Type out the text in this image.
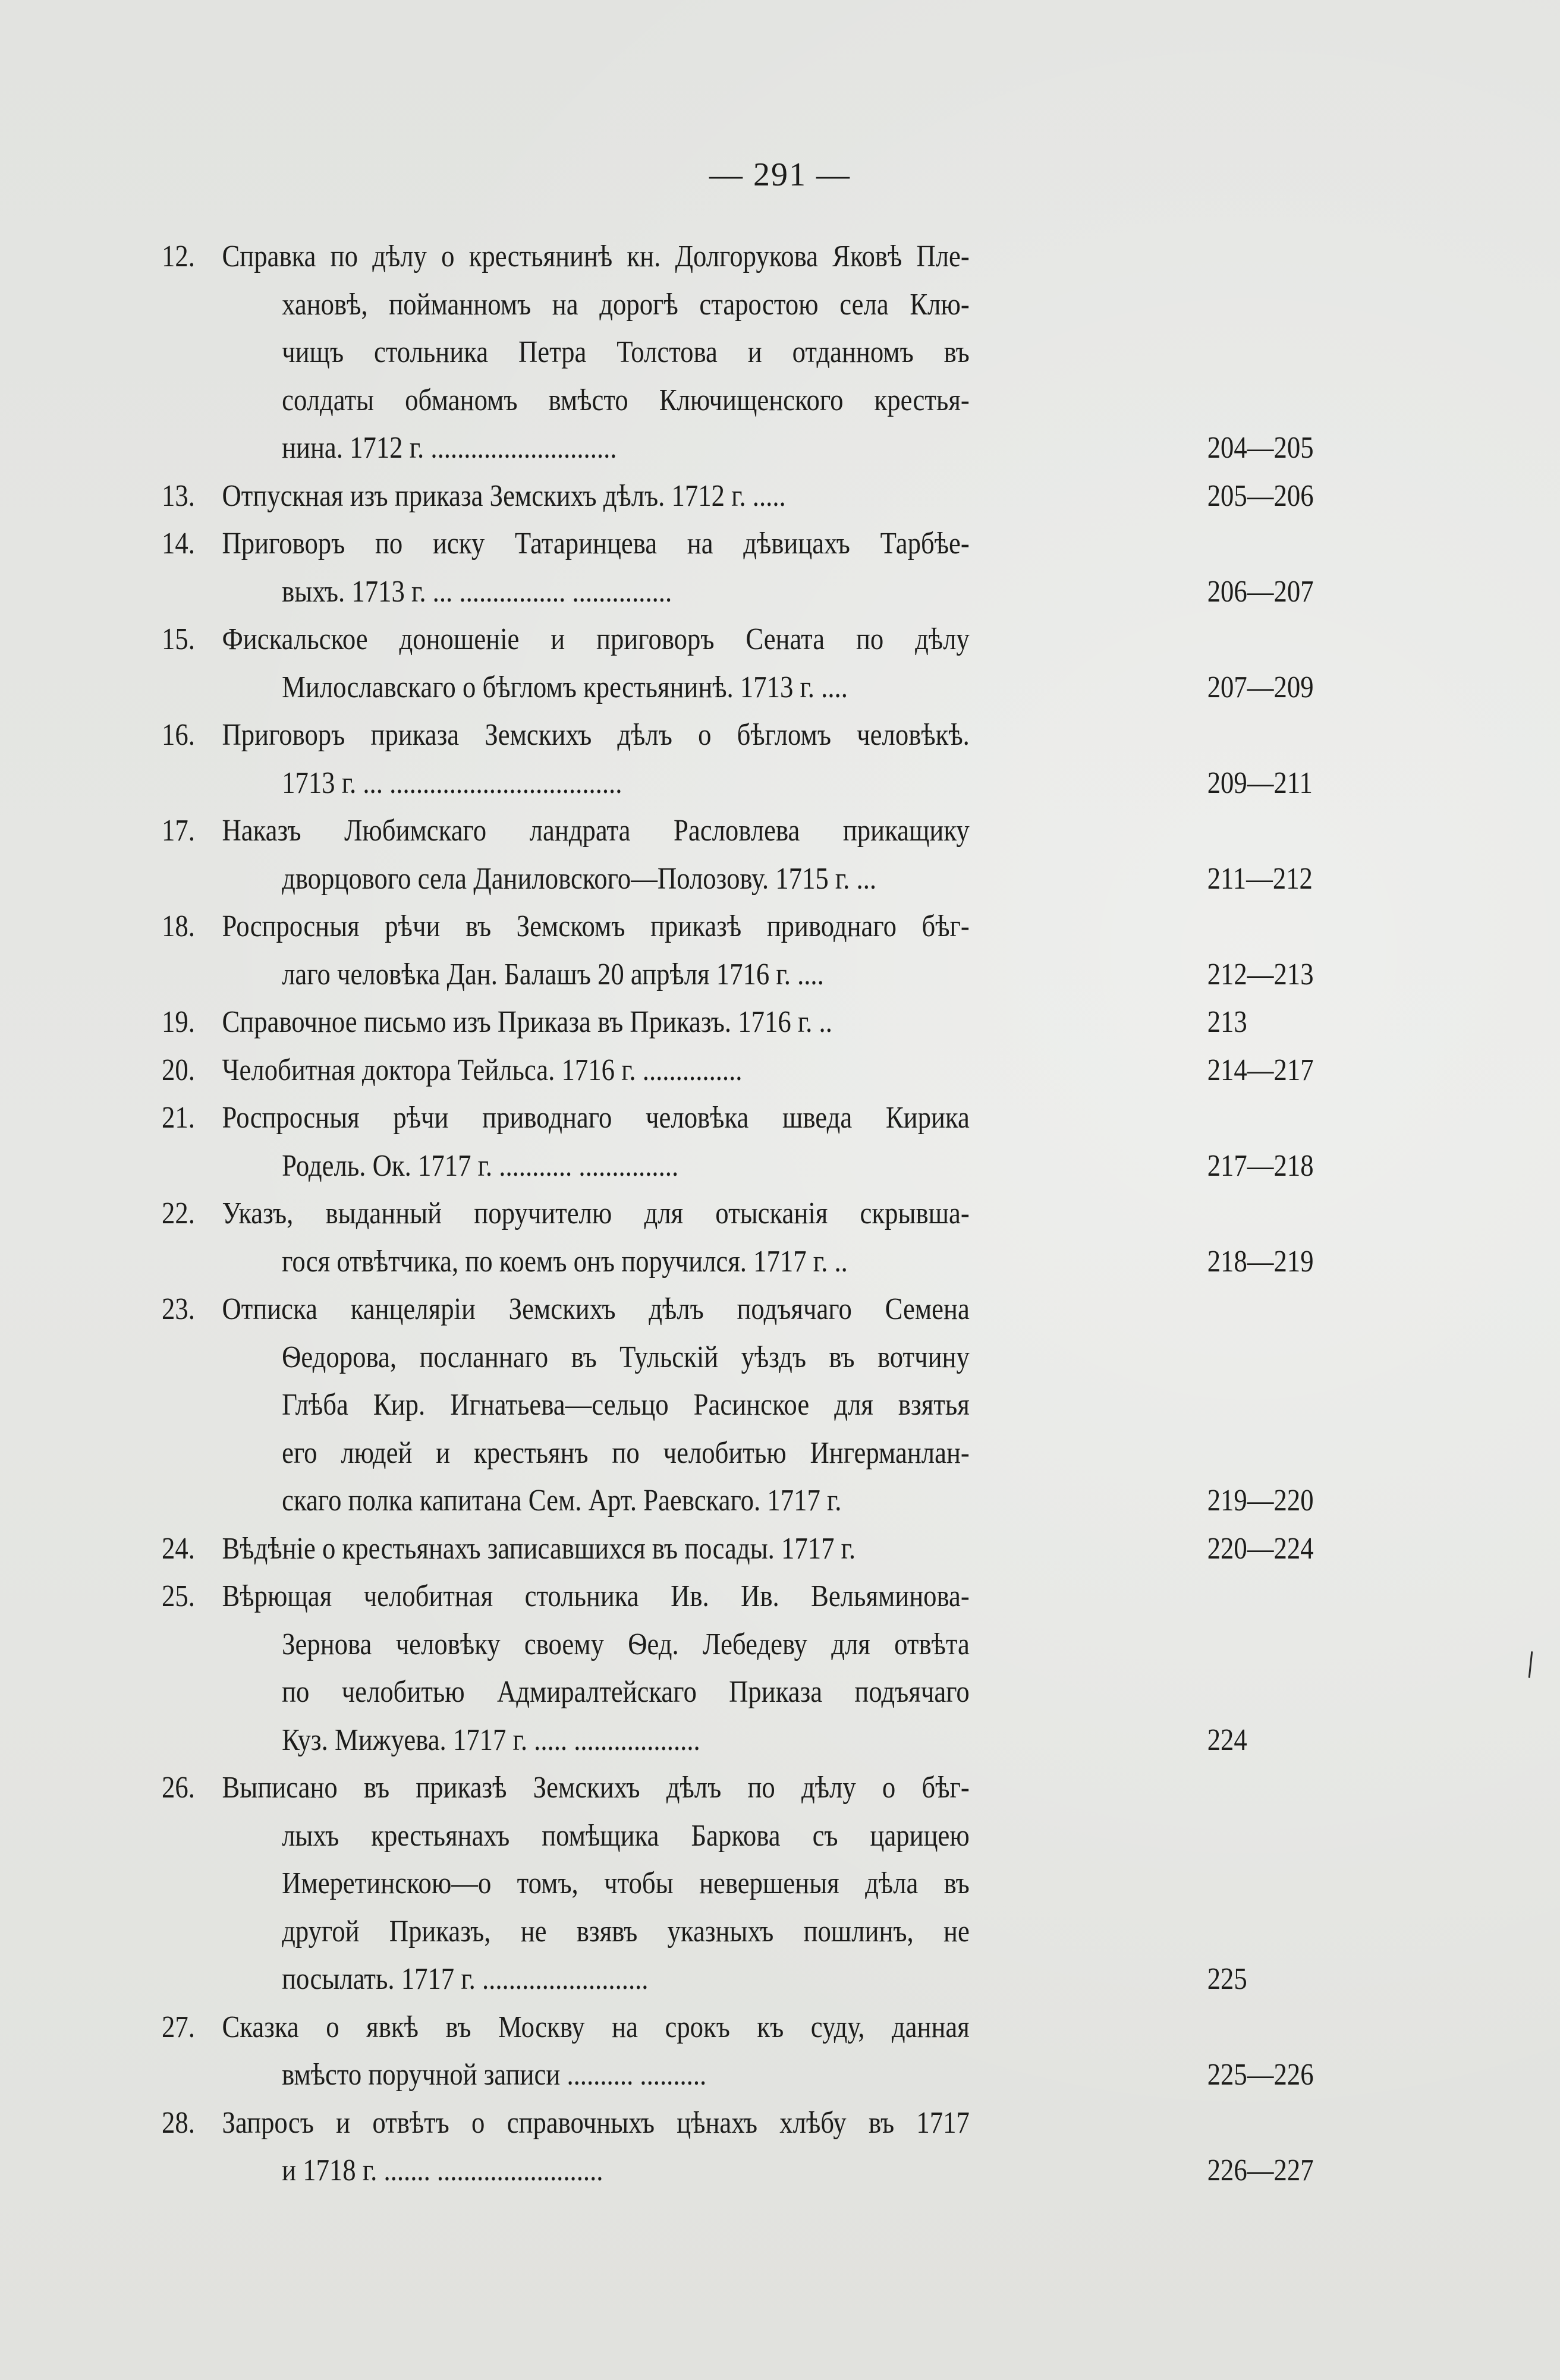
— 291 —
12. Справка по дѣлу о крестьянинѣ кн. Долгорукова Яковѣ Пле-
хановѣ, пойманномъ на дорогѣ старостою села Клю-
чищъ стольника Петра Толстова и отданномъ въ
солдаты обманомъ вмѣсто Ключищенского крестья-
нина. 1712 г. ............................	204—205
13. Отпускная изъ приказа Земскихъ дѣлъ. 1712 г. .....	205—206
14. Приговоръ по иску Татаринцева на дѣвицахъ Тарбѣе-
выхъ. 1713 г. ... ................ ...............	206—207
15. Фискальское доношеніе и приговоръ Сената по дѣлу
Милославскаго о бѣгломъ крестьянинѣ. 1713 г. ....	207—209
16. Приговоръ приказа Земскихъ дѣлъ о бѣгломъ человѣкѣ.
1713 г. ... ...................................	209—211
17. Наказъ Любимскаго ландрата Расловлева прикащику
дворцового села Даниловского—Полозову. 1715 г. ...	211—212
18. Роспросныя рѣчи въ Земскомъ приказѣ приводнаго бѣг-
лаго человѣка Дан. Балашъ 20 апрѣля 1716 г. ....	212—213
19. Справочное письмо изъ Приказа въ Приказъ. 1716 г. ..	213
20. Челобитная доктора Тейльса. 1716 г. ...............	214—217
21. Роспросныя рѣчи приводнаго человѣка шведа Кирика
Родель. Ок. 1717 г. ........... ...............	217—218
22. Указъ, выданный поручителю для отысканія скрывша-
гося отвѣтчика, по коемъ онъ поручился. 1717 г. ..	218—219
23. Отписка канцеляріи Земскихъ дѣлъ подъячаго Семена
Ѳедорова, посланнаго въ Тульскій уѣздъ въ вотчину
Глѣба Кир. Игнатьева—сельцо Расинское для взятья
его людей и крестьянъ по челобитью Ингерманлан-
скаго полка капитана Сем. Арт. Раевскаго. 1717 г.	219—220
24. Вѣдѣніе о крестьянахъ записавшихся въ посады. 1717 г.	220—224
25. Вѣрющая челобитная стольника Ив. Ив. Вельяминова-
Зернова человѣку своему Ѳед. Лебедеву для отвѣта
по челобитью Адмиралтейскаго Приказа подъячаго
Куз. Мижуева. 1717 г. ..... ...................	224
26. Выписано въ приказѣ Земскихъ дѣлъ по дѣлу о бѣг-
лыхъ крестьянахъ помѣщика Баркова съ царицею
Имеретинскою—о томъ, чтобы невершеныя дѣла въ
другой Приказъ, не взявъ указныхъ пошлинъ, не
посылать. 1717 г. .........................	225
27. Сказка о явкѣ въ Москву на срокъ къ суду, данная
вмѣсто поручной записи .......... ..........	225—226
28. Запросъ и отвѣтъ о справочныхъ цѣнахъ хлѣбу въ 1717
и 1718 г. ....... .........................	226—227
